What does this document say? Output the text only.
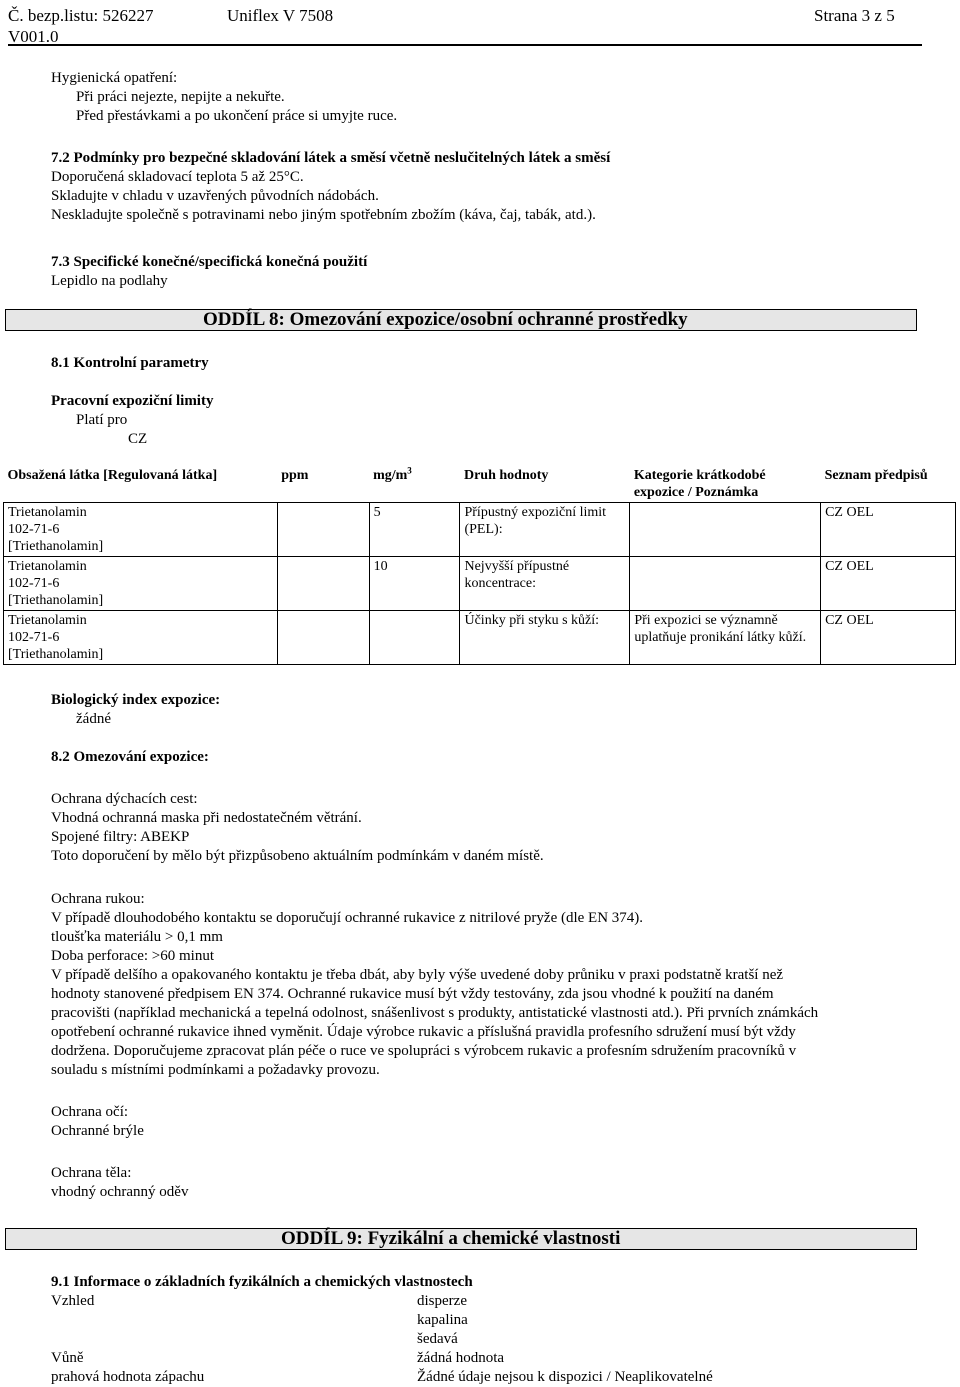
Č. bezp.listu: 526227	Uniflex V 7508	Strana 3 z 5
V001.0
Hygienická opatření:
Při práci nejezte, nepijte a nekuřte.
Před přestávkami a po ukončení práce si umyjte ruce.
7.2 Podmínky pro bezpečné skladování látek a směsí včetně neslučitelných látek a směsí
Doporučená skladovací teplota 5 až 25°C.
Skladujte v chladu v uzavřených původních nádobách.
Neskladujte společně s potravinami nebo jiným spotřebním zbožím (káva, čaj, tabák, atd.).
7.3 Specifické konečné/specifická konečná použití
Lepidlo na podlahy
ODDÍL 8: Omezování expozice/osobní ochranné prostředky
8.1 Kontrolní parametry
Pracovní expoziční limity
Platí pro
CZ
Obsažená látka [Regulovaná látka]	ppm	$mg/m^3$	Druh hodnoty	Kategorie krátkodobé expozice / Poznámka	Seznam předpisů

Trietanolamin
102-71-6
[Triethanolamin]		5	Přípustný expoziční limit (PEL):		CZ OEL

Trietanolamin
102-71-6
[Triethanolamin]		10	Nejvyšší přípustné koncentrace:		CZ OEL

Trietanolamin
102-71-6
[Triethanolamin]			Účinky při styku s kůží:	Při expozici se významně uplatňuje pronikání látky kůží.	CZ OEL
Biologický index expozice:
žádné
8.2 Omezování expozice:
Ochrana dýchacích cest:
Vhodná ochranná maska při nedostatečném větrání.
Spojené filtry: ABEKP
Toto doporučení by mělo být přizpůsobeno aktuálním podmínkám v daném místě.
Ochrana rukou:
V případě dlouhodobého kontaktu se doporučují ochranné rukavice z nitrilové pryže (dle EN 374).
tloušťka materiálu > 0,1 mm
Doba perforace: >60 minut
V případě delšího a opakovaného kontaktu je třeba dbát, aby byly výše uvedené doby průniku v praxi podstatně kratší než
hodnoty stanovené předpisem EN 374. Ochranné rukavice musí být vždy testovány, zda jsou vhodné k použití na daném
pracovišti (například mechanická a tepelná odolnost, snášenlivost s produkty, antistatické vlastnosti atd.). Při prvních známkách
opotřebení ochranné rukavice ihned vyměnit. Údaje výrobce rukavic a příslušná pravidla profesního sdružení musí být vždy
dodržena. Doporučujeme zpracovat plán péče o ruce ve spolupráci s výrobcem rukavic a profesním sdružením pracovníků v
souladu s místními podmínkami a požadavky provozu.
Ochrana očí:
Ochranné brýle
Ochrana těla:
vhodný ochranný oděv
ODDÍL 9: Fyzikální a chemické vlastnosti
9.1 Informace o základních fyzikálních a chemických vlastnostech
Vzhled	disperze
kapalina
šedavá
Vůně	žádná hodnota
prahová hodnota zápachu	Žádné údaje nejsou k dispozici / Neaplikovatelné
